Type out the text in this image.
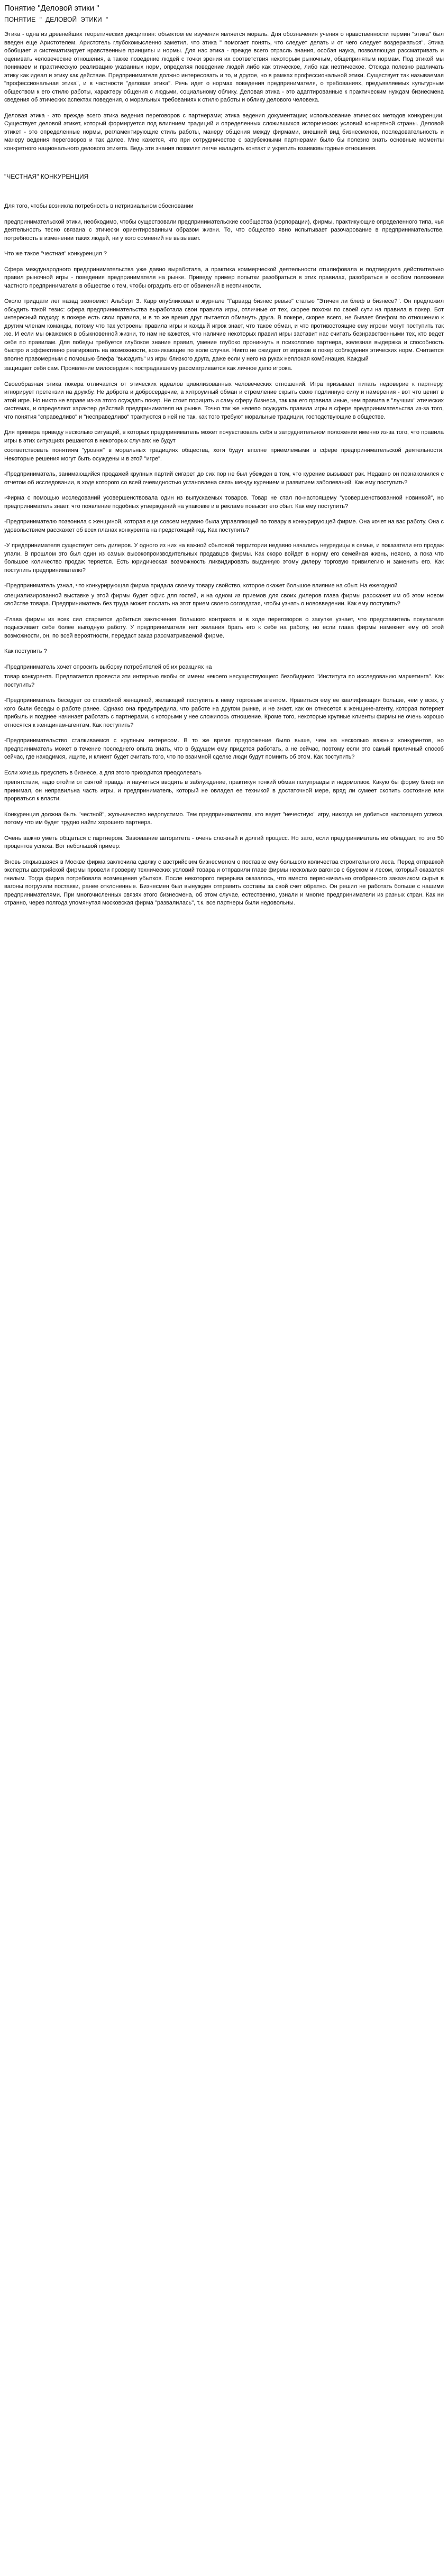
Понятие "Деловой этики "
ПОНЯТИЕ " ДЕЛОВОЙ ЭТИКИ "

Этика - одна из древнейших теоретических дисциплин: объектом ее изучения является мораль. Для обозначения учения о нравственности термин "этика" был введен еще Аристотелем. Аристотель глубокомысленно заметил, что этика " помогает понять, что следует делать и от чего следует воздержаться". Этика обобщает и систематизирует нравственные принципы и нормы. Для нас этика - прежде всего отрасль знания, особая наука, позволяющая рассматривать и оценивать человеческие отношения, а также поведение людей с точки зрения их соответствия некоторым рыночным, общепринятым нормам. Под этикой мы понимаем и практическую реализацию указанных норм, определяя поведение людей либо как этическое, либо как неэтическое. Отсюда полезно различать этику как идеал и этику как действие. Предпринимателя должно интересовать и то, и другое, но в рамках профессиональной этики. Существует так называемая "профессиональная этика", и в частности "деловая этика". Речь идет о нормах поведения предпринимателя, о требованиях, предъявляемых культурным обществом к его стилю работы, характеру общения с людьми, социальному облику. Деловая этика - это адаптированные к практическим нуждам бизнесмена сведения об этических аспектах поведения, о моральных требованиях к стилю работы и облику делового человека.

Деловая этика - это прежде всего этика ведения переговоров с партнерами; этика ведения документации; использование этических методов конкуренции. Существует деловой этикет, который формируется под влиянием традиций и определенных сложившихся исторических условий конкретной страны. Деловой этикет - это определенные нормы, регламентирующие стиль работы, манеру общения между фирмами, внешний вид бизнесменов, последовательность и манеру ведения переговоров и так далее. Мне кажется, что при сотрудничестве с зарубежными партнерами было бы полезно знать основные моменты конкретного национального делового этикета. Ведь эти знания позволят легче наладить контакт и укрепить взаимовыгодные отношения.

"ЧЕСТНАЯ" КОНКУРЕНЦИЯ

Для того, чтобы возникла потребность в нетривиальном обосновании

предпринимательской этики, необходимо, чтобы существовали предпринимательские сообщества (корпорации), фирмы, практикующие определенного типа, чья деятельность тесно связана с этически ориентированным образом жизни. То, что общество явно испытывает разочарование в предпринимательстве, потребность в изменении таких людей, ни у кого сомнений не вызывает.

Что же такое "честная" конкуренция ?

Сфера международного предпринимательства уже давно выработала, а практика коммерческой деятельности отшлифовала и подтвердила действительно правил рыночной игры - поведения предпринимателя на рынке. Приведу пример попытки разобраться в этих правилах, разобраться в особом положении частного предпринимателя в обществе с тем, чтобы оградить его от обвинений в неэтичности.

Около тридцати лет назад экономист Альберт З. Карр опубликовал в журнале "Гарвард бизнес ревью" статью "Этичен ли блеф в бизнесе?". Он предложил обсудить такой тезис: сфера предпринимательства выработала свои правила игры, отличные от тех, скорее похожи по своей сути на правила в покер. Бот интересный подход: в покере есть свои правила, и в то же время друг пытается обмануть друга. В покере, скорее всего, не бывает блефом по отношению к другим членам команды, потому что так устроены правила игры и каждый игрок знает, что такое обман, и что противостоящие ему игроки могут поступить так же. И если мы окажемся в обыкновенной жизни, то нам не кажется, что наличие некоторых правил игры заставит нас считать безнравственными тех, кто ведет себя по правилам. Для победы требуется глубокое знание правил, умение глубоко проникнуть в психологию партнера, железная выдержка и способность быстро и эффективно реагировать на возможности, возникающие по воле случая. Никто не ожидает от игроков в покер соблюдения этических норм. Считается вполне правомерным с помощью блефа "высадить" из игры близкого друга, даже если у него на руках неплохая комбинация. Каждый

защищает себя сам. Проявление милосердия к пострадавшему рассматривается как личное дело игрока.

Своеобразная этика покера отличается от этических идеалов цивилизованных человеческих отношений. Игра призывает питать недоверие к партнеру, игнорирует претензии на дружбу. Не доброта и добросердечие, а хитроумный обман и стремление скрыть свою подлинную силу и намерения - вот что ценит в этой игре. Но никто не вправе из-за этого осуждать покер. Не стоит порицать и саму сферу бизнеса, так как его правила иные, чем правила в "лучших" этических системах, и определяют характер действий предпринимателя на рынке. Точно так же нелепо осуждать правила игры в сфере предпринимательства из-за того, что понятия "справедливо" и "несправедливо" трактуются в ней не так, как того требуют моральные традиции, господствующие в обществе.

Для примера приведу несколько ситуаций, в которых предприниматель может почувствовать себя в затруднительном положении именно из-за того, что правила игры в этих ситуациях решаются в некоторых случаях не будут

соответствовать понятиям "уровня" в моральных традициях общества, хотя будут вполне приемлемыми в сфере предпринимательской деятельности. Некоторые решения могут быть осуждены и в этой "игре".

-Предприниматель, занимающийся продажей крупных партий сигарет до сих пор не был убежден в том, что курение вызывает рак. Недавно он познакомился с отчетом об исследовании, в ходе которого со всей очевидностью установлена связь между курением и развитием заболеваний. Как ему поступить?

-Фирма с помощью исследований усовершенствовала один из выпускаемых товаров. Товар не стал по-настоящему "усовершенствованной новинкой", но предприниматель знает, что появление подобных утверждений на упаковке и в рекламе повысит его сбыт. Как ему поступить?

-Предпринимателю позвонила с женщиной, которая еще совсем недавно была управляющей по товару в конкурирующей фирме. Она хочет на вас работу. Она с удовольствием расскажет об всех планах конкурента на предстоящий год. Как поступить?

-У предпринимателя существует сеть дилеров. У одного из них на важной сбытовой территории недавно начались неурядицы в семье, и показатели его продаж упали. В прошлом это был один из самых высокопроизводительных продавцов фирмы. Как скоро войдет в норму его семейная жизнь, неясно, а пока что большое количество продаж теряется. Есть юридическая возможность ликвидировать выданную этому дилеру торговую привилегию и заменить его. Как поступить предпринимателю?

-Предприниматель узнал, что конкурирующая фирма придала своему товару свойство, которое окажет большое влияние на сбыт. На ежегодной

специализированной выставке у этой фирмы будет офис для гостей, и на одном из приемов для своих дилеров глава фирмы расскажет им об этом новом свойстве товара. Предприниматель без труда может послать на этот прием своего соглядатая, чтобы узнать о нововведении. Как ему поступить?

-Глава фирмы из всех сил старается добиться заключения большого контракта и в ходе переговоров о закупке узнает, что представитель покупателя подыскивает себе более выгодную работу. У предпринимателя нет желания брать его к себе на работу, но если глава фирмы намекнет ему об этой возможности, он, по всей вероятности, передаст заказ рассматриваемой фирме.

Как поступить ?

-Предприниматель хочет опросить выборку потребителей об их реакциях на

товар конкурента. Предлагается провести эти интервью якобы от имени некоего несуществующего безобидного "Института по исследованию маркетинга". Как поступить?

-Предприниматель беседует со способной женщиной, желающей поступить к нему торговым агентом. Нравиться ему ее квалификация больше, чем у всех, у кого были беседы о работе ранее. Однако она предупредила, что работе на другом рынке, и не знает, как он отнесется к женщине-агенту, которая потеряет прибыль и позднее начинает работать с партнерами, с которыми у нее сложилось отношение. Кроме того, некоторые крупные клиенты фирмы не очень хорошо относятся к женщинам-агентам. Как поступить?

-Предпринимательство сталкиваемся с крупным интересом. В то же время предложение было выше, чем на несколько важных конкурентов, но предприниматель может в течение последнего опыта знать, что в будущем ему придется работать, а не сейчас, поэтому если это самый приличный способ сейчас, где находимся, ищите, и клиент будет считать того, что по взаимной сделке люди будут помнить об этом. Как поступить?

Если хочешь преуспеть в бизнесе, а для этого приходится преодолевать

препятствия, надо отойти от святой правды и научиться вводить в заблуждение, практикуя тонкий обман полуправды и недомолвок. Какую бы форму блеф ни принимал, он неправильна часть игры, и предприниматель, который не овладел ее техникой в достаточной мере, вряд ли сумеет скопить состояние или прорваться к власти.

Конкуренция должна быть "честной", жульничество недопустимо. Тем предпринимателям, кто ведет "нечестную" игру, никогда не добиться настоящего успеха, потому что им будет трудно найти хорошего партнера.

Очень важно уметь общаться с партнером. Завоевание авторитета - очень сложный и долгий процесс. Но зато, если предприниматель им обладает, то это 50 процентов успеха. Вот небольшой пример:

Вновь открывшаяся в Москве фирма заключила сделку с австрийским бизнесменом о поставке ему большого количества строительного леса. Перед отправкой эксперты австрийской фирмы провели проверку технических условий товара и отправили главе фирмы несколько вагонов с бруском и лесом, который оказался гнилым. Тогда фирма потребовала возмещения убытков. После некоторого перерыва оказалось, что вместо первоначально отобранного заказчиком сырья в вагоны погрузили поставки, ранее отклоненные. Бизнесмен был вынужден отправить составы за свой счет обратно. Он решил не работать больше с нашими предпринимателями. При многочисленных связях этого бизнесмена, об этом случае, естественно, узнали и многие предприниматели из разных стран. Как ни странно, через полгода упомянутая московская фирма "развалилась", т.к. все партнеры были недовольны.
